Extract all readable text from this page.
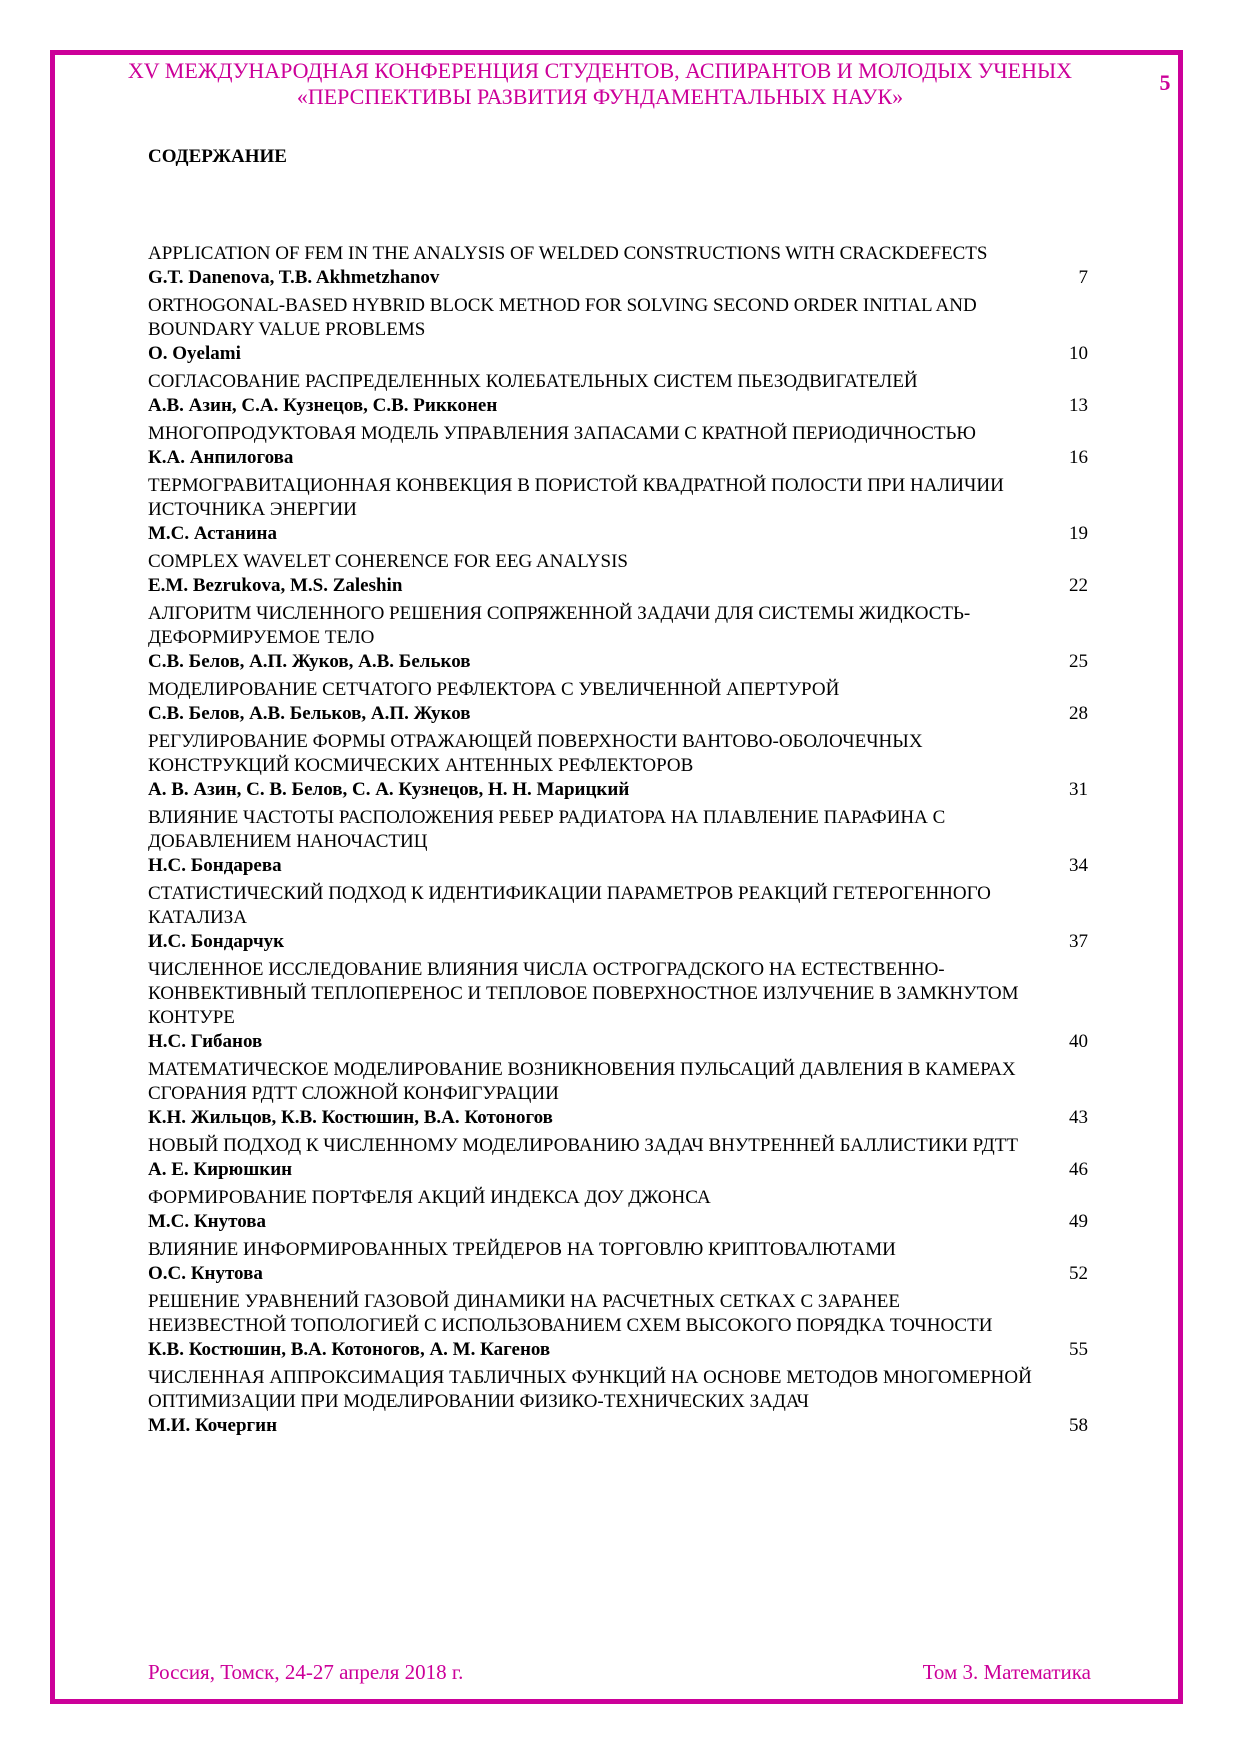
XV МЕЖДУНАРОДНАЯ КОНФЕРЕНЦИЯ СТУДЕНТОВ, АСПИРАНТОВ И МОЛОДЫХ УЧЕНЫХ
«ПЕРСПЕКТИВЫ РАЗВИТИЯ ФУНДАМЕНТАЛЬНЫХ НАУК»
5
СОДЕРЖАНИЕ
APPLICATION OF FEM IN THE ANALYSIS OF WELDED CONSTRUCTIONS WITH CRACKDEFECTS
G.T. Danenova, T.B. Akhmetzhanov	7
ORTHOGONAL-BASED HYBRID BLOCK METHOD FOR SOLVING SECOND ORDER INITIAL AND BOUNDARY VALUE PROBLEMS
O. Oyelami	10
СОГЛАСОВАНИЕ РАСПРЕДЕЛЕННЫХ КОЛЕБАТЕЛЬНЫХ СИСТЕМ ПЬЕЗОДВИГАТЕЛЕЙ
А.В. Азин, С.А. Кузнецов, С.В. Рикконен	13
МНОГОПРОДУКТОВАЯ МОДЕЛЬ УПРАВЛЕНИЯ ЗАПАСАМИ С КРАТНОЙ ПЕРИОДИЧНОСТЬЮ
К.А. Анпилогова	16
ТЕРМОГРАВИТАЦИОННАЯ КОНВЕКЦИЯ В ПОРИСТОЙ КВАДРАТНОЙ ПОЛОСТИ ПРИ НАЛИЧИИ ИСТОЧНИКА ЭНЕРГИИ
М.С. Астанина	19
COMPLEX WAVELET COHERENCE FOR EEG ANALYSIS
E.M. Bezrukova, M.S. Zaleshin	22
АЛГОРИТМ ЧИСЛЕННОГО РЕШЕНИЯ СОПРЯЖЕННОЙ ЗАДАЧИ ДЛЯ СИСТЕМЫ ЖИДКОСТЬ-ДЕФОРМИРУЕМОЕ ТЕЛО
С.В. Белов, А.П. Жуков, А.В. Бельков	25
МОДЕЛИРОВАНИЕ СЕТЧАТОГО РЕФЛЕКТОРА С УВЕЛИЧЕННОЙ АПЕРТУРОЙ
С.В. Белов, А.В. Бельков, А.П. Жуков	28
РЕГУЛИРОВАНИЕ ФОРМЫ ОТРАЖАЮЩЕЙ ПОВЕРХНОСТИ ВАНТОВО-ОБОЛОЧЕЧНЫХ КОНСТРУКЦИЙ КОСМИЧЕСКИХ АНТЕННЫХ РЕФЛЕКТОРОВ
А. В. Азин, С. В. Белов, С. А. Кузнецов, Н. Н. Марицкий	31
ВЛИЯНИЕ ЧАСТОТЫ РАСПОЛОЖЕНИЯ РЕБЕР РАДИАТОРА НА ПЛАВЛЕНИЕ ПАРАФИНА С ДОБАВЛЕНИЕМ НАНОЧАСТИЦ
Н.С. Бондарева	34
СТАТИСТИЧЕСКИЙ ПОДХОД К ИДЕНТИФИКАЦИИ ПАРАМЕТРОВ РЕАКЦИЙ ГЕТЕРОГЕННОГО КАТАЛИЗА
И.С. Бондарчук	37
ЧИСЛЕННОЕ ИССЛЕДОВАНИЕ ВЛИЯНИЯ ЧИСЛА ОСТРОГРАДСКОГО НА ЕСТЕСТВЕННО-КОНВЕКТИВНЫЙ ТЕПЛОПЕРЕНОС И ТЕПЛОВОЕ ПОВЕРХНОСТНОЕ ИЗЛУЧЕНИЕ В ЗАМКНУТОМ КОНТУРЕ
Н.С. Гибанов	40
МАТЕМАТИЧЕСКОЕ МОДЕЛИРОВАНИЕ ВОЗНИКНОВЕНИЯ ПУЛЬСАЦИЙ ДАВЛЕНИЯ В КАМЕРАХ СГОРАНИЯ РДТТ СЛОЖНОЙ КОНФИГУРАЦИИ
К.Н. Жильцов, К.В. Костюшин, В.А. Котоногов	43
НОВЫЙ ПОДХОД К ЧИСЛЕННОМУ МОДЕЛИРОВАНИЮ ЗАДАЧ ВНУТРЕННЕЙ БАЛЛИСТИКИ РДТТ
А. Е. Кирюшкин	46
ФОРМИРОВАНИЕ ПОРТФЕЛЯ АКЦИЙ ИНДЕКСА ДОУ ДЖОНСА
М.С. Кнутова	49
ВЛИЯНИЕ ИНФОРМИРОВАННЫХ ТРЕЙДЕРОВ НА ТОРГОВЛЮ КРИПТОВАЛЮТАМИ
О.С. Кнутова	52
РЕШЕНИЕ УРАВНЕНИЙ ГАЗОВОЙ ДИНАМИКИ НА РАСЧЕТНЫХ СЕТКАХ С ЗАРАНЕЕ НЕИЗВЕСТНОЙ ТОПОЛОГИЕЙ С ИСПОЛЬЗОВАНИЕМ СХЕМ ВЫСОКОГО ПОРЯДКА ТОЧНОСТИ
К.В. Костюшин, В.А. Котоногов, А. М. Кагенов	55
ЧИСЛЕННАЯ АППРОКСИМАЦИЯ ТАБЛИЧНЫХ ФУНКЦИЙ НА ОСНОВЕ МЕТОДОВ МНОГОМЕРНОЙ ОПТИМИЗАЦИИ ПРИ МОДЕЛИРОВАНИИ ФИЗИКО-ТЕХНИЧЕСКИХ ЗАДАЧ
М.И. Кочергин	58
Россия, Томск, 24-27 апреля 2018 г.	Том 3. Математика
